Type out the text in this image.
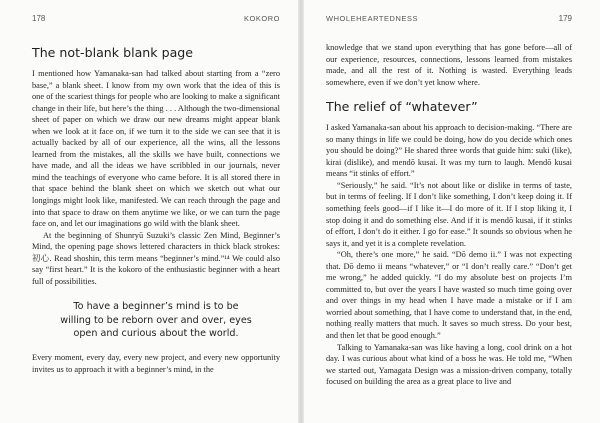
178	KOKORO
The not-blank blank page

I mentioned how Yamanaka-san had talked about starting from a “zero base,” a blank sheet. I know from my own work that the idea of this is one of the scariest things for people who are looking to make a significant change in their life, but here’s the thing . . . Although the two-dimensional sheet of paper on which we draw our new dreams might appear blank when we look at it face on, if we turn it to the side we can see that it is actually backed by all of our experience, all the wins, all the lessons learned from the mistakes, all the skills we have built, connections we have made, and all the ideas we have scribbled in our journals, never mind the teachings of everyone who came before. It is all stored there in that space behind the blank sheet on which we sketch out what our longings might look like, manifested. We can reach through the page and into that space to draw on them anytime we like, or we can turn the page face on, and let our imaginations go wild with the blank sheet.

At the beginning of Shunryū Suzuki’s classic Zen Mind, Beginner’s Mind, the opening page shows lettered characters in thick black strokes: 初心. Read shoshin, this term means “beginner’s mind.”¹⁴ We could also say “first heart.” It is the kokoro of the enthusiastic beginner with a heart full of possibilities.

To have a beginner’s mind is to be
willing to be reborn over and over, eyes
open and curious about the world.

Every moment, every day, every new project, and every new opportunity invites us to approach it with a beginner’s mind, in the

WHOLEHEARTEDNESS	179

knowledge that we stand upon everything that has gone before—all of our experience, resources, connections, lessons learned from mistakes made, and all the rest of it. Nothing is wasted. Everything leads somewhere, even if we don’t yet know where.

The relief of “whatever”

I asked Yamanaka-san about his approach to decision-making. “There are so many things in life we could be doing, how do you decide which ones you should be doing?” He shared three words that guide him: suki (like), kirai (dislike), and mendō kusai. It was my turn to laugh. Mendō kusai means “it stinks of effort.”

“Seriously,” he said. “It’s not about like or dislike in terms of taste, but in terms of feeling. If I don’t like something, I don’t keep doing it. If something feels good—if I like it—I do more of it. If I stop liking it, I stop doing it and do something else. And if it is mendō kusai, if it stinks of effort, I don’t do it either. I go for ease.” It sounds so obvious when he says it, and yet it is a complete revelation.

“Oh, there’s one more,” he said. “Dō demo ii.” I was not expecting that. Dō demo ii means “whatever,” or “I don’t really care.” “Don’t get me wrong,” he added quickly. “I do my absolute best on projects I’m committed to, but over the years I have wasted so much time going over and over things in my head when I have made a mistake or if I am worried about something, that I have come to understand that, in the end, nothing really matters that much. It saves so much stress. Do your best, and then let that be good enough.”

Talking to Yamanaka-san was like having a long, cool drink on a hot day. I was curious about what kind of a boss he was. He told me, “When we started out, Yamagata Design was a mission-driven company, totally focused on building the area as a great place to live and
